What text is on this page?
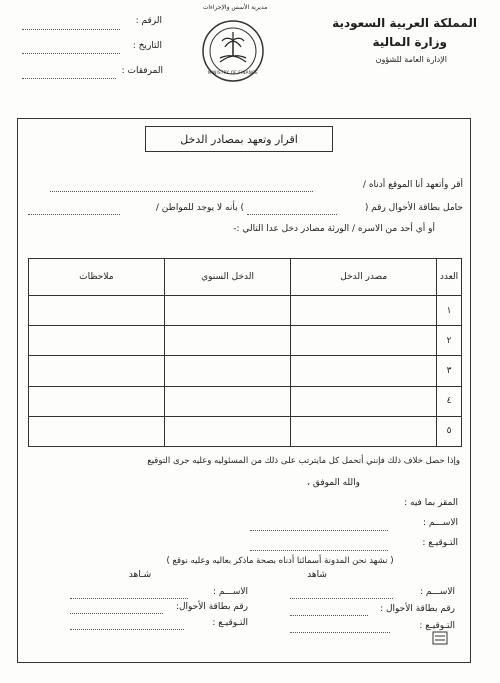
المملكة العربية السعودية
وزارة المالية
الإدارة العامة للشؤون
مديرية الأسس والإجراءات
MINISTRY OF FINANCE
الرقم :
التاريخ :
المرفقات :
اقرار وتعهد بمصادر الدخل
أقر وأتعهد أنا الموقع أدناه /
حامل بطاقة الأحوال رقم (
) بأنه لا يوجد للمواطن /
أو أي أحد من الاسره / الورثة مصادر دخل عدا التالي :-
العدد	مصدر الدخل	الدخل السنوي	ملاحظات
١			
٢			
٣			
٤			
٥			
وإذا حصل خلاف ذلك فإنني أتحمل كل مايترتب على ذلك من المسئوليه وعليه جرى التوقيع
والله الموفق ،
المقر بما فيه :
الاســـم :
التـوقيـع :
( نشهد نحن المدونة أسمائنا أدناه بصحة ماذكر بعاليه وعليه نوقع )
شاهد
شـاهد
الاســـم :
رقم بطاقة الأحوال :
التـوقيـع :
الاســـم :
رقم بطاقة الأحوال:
التـوقيـع :
